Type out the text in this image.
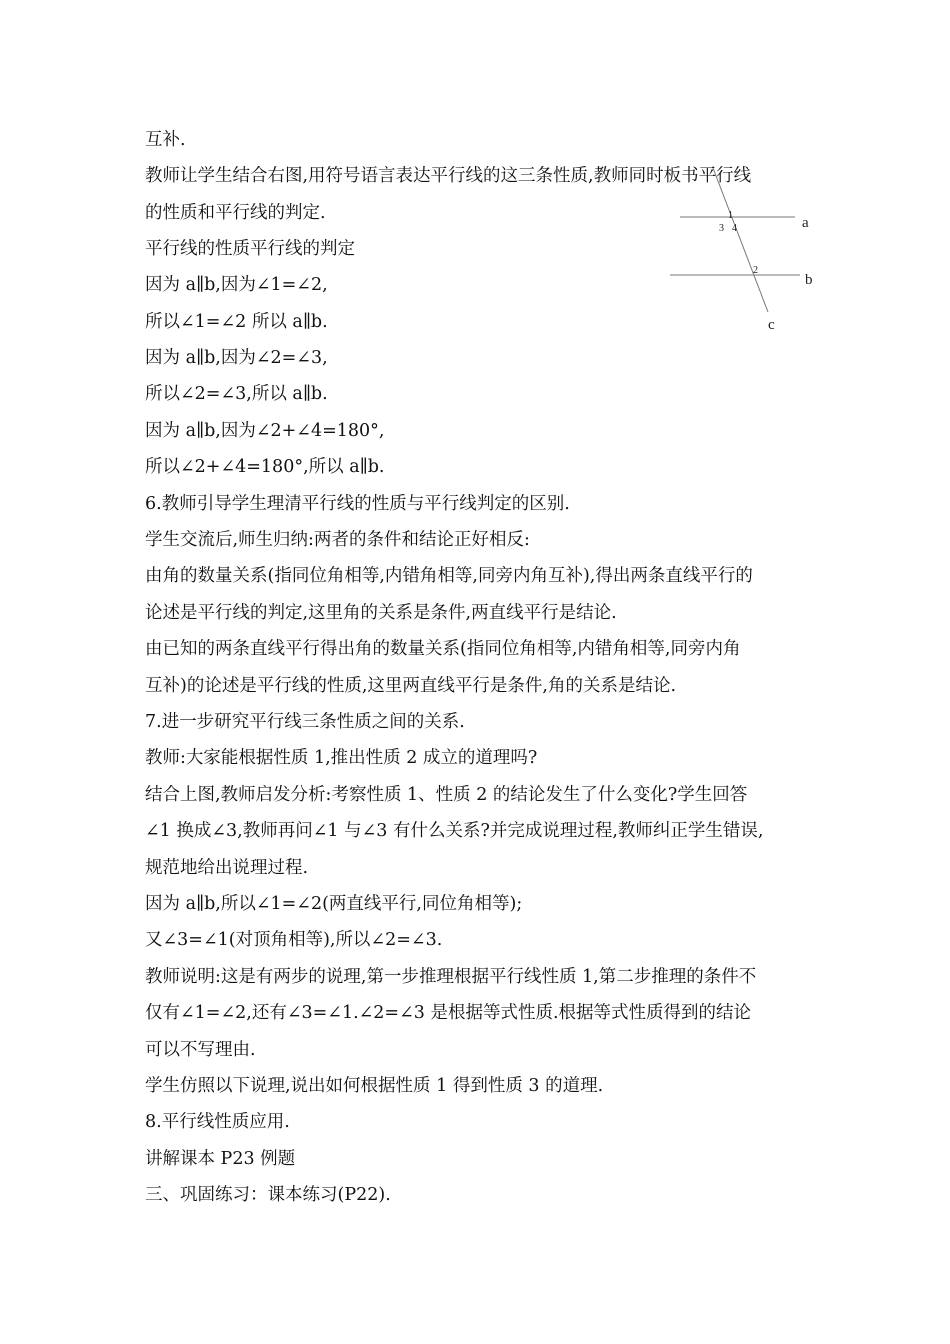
互补.
教师让学生结合右图,用符号语言表达平行线的这三条性质,教师同时板书平行线
的性质和平行线的判定.
平行线的性质平行线的判定
因为 a∥b,因为∠1=∠2,
所以∠1=∠2 所以 a∥b.
因为 a∥b,因为∠2=∠3,
所以∠2=∠3,所以 a∥b.
因为 a∥b,因为∠2+∠4=180°,
所以∠2+∠4=180°,所以 a∥b.
6.教师引导学生理清平行线的性质与平行线判定的区别.
学生交流后,师生归纳:两者的条件和结论正好相反:
由角的数量关系(指同位角相等,内错角相等,同旁内角互补),得出两条直线平行的
论述是平行线的判定,这里角的关系是条件,两直线平行是结论.
由已知的两条直线平行得出角的数量关系(指同位角相等,内错角相等,同旁内角
互补)的论述是平行线的性质,这里两直线平行是条件,角的关系是结论.
7.进一步研究平行线三条性质之间的关系.
教师:大家能根据性质 1,推出性质 2 成立的道理吗?
结合上图,教师启发分析:考察性质 1、性质 2 的结论发生了什么变化?学生回答
∠1 换成∠3,教师再问∠1 与∠3 有什么关系?并完成说理过程,教师纠正学生错误,
规范地给出说理过程.
因为 a∥b,所以∠1=∠2(两直线平行,同位角相等);
又∠3=∠1(对顶角相等),所以∠2=∠3.
教师说明:这是有两步的说理,第一步推理根据平行线性质 1,第二步推理的条件不
仅有∠1=∠2,还有∠3=∠1.∠2=∠3 是根据等式性质.根据等式性质得到的结论
可以不写理由.
学生仿照以下说理,说出如何根据性质 1 得到性质 3 的道理.
8.平行线性质应用.
讲解课本 P23 例题
三、巩固练习：课本练习(P22).
a
b
c
1
3 4
2
